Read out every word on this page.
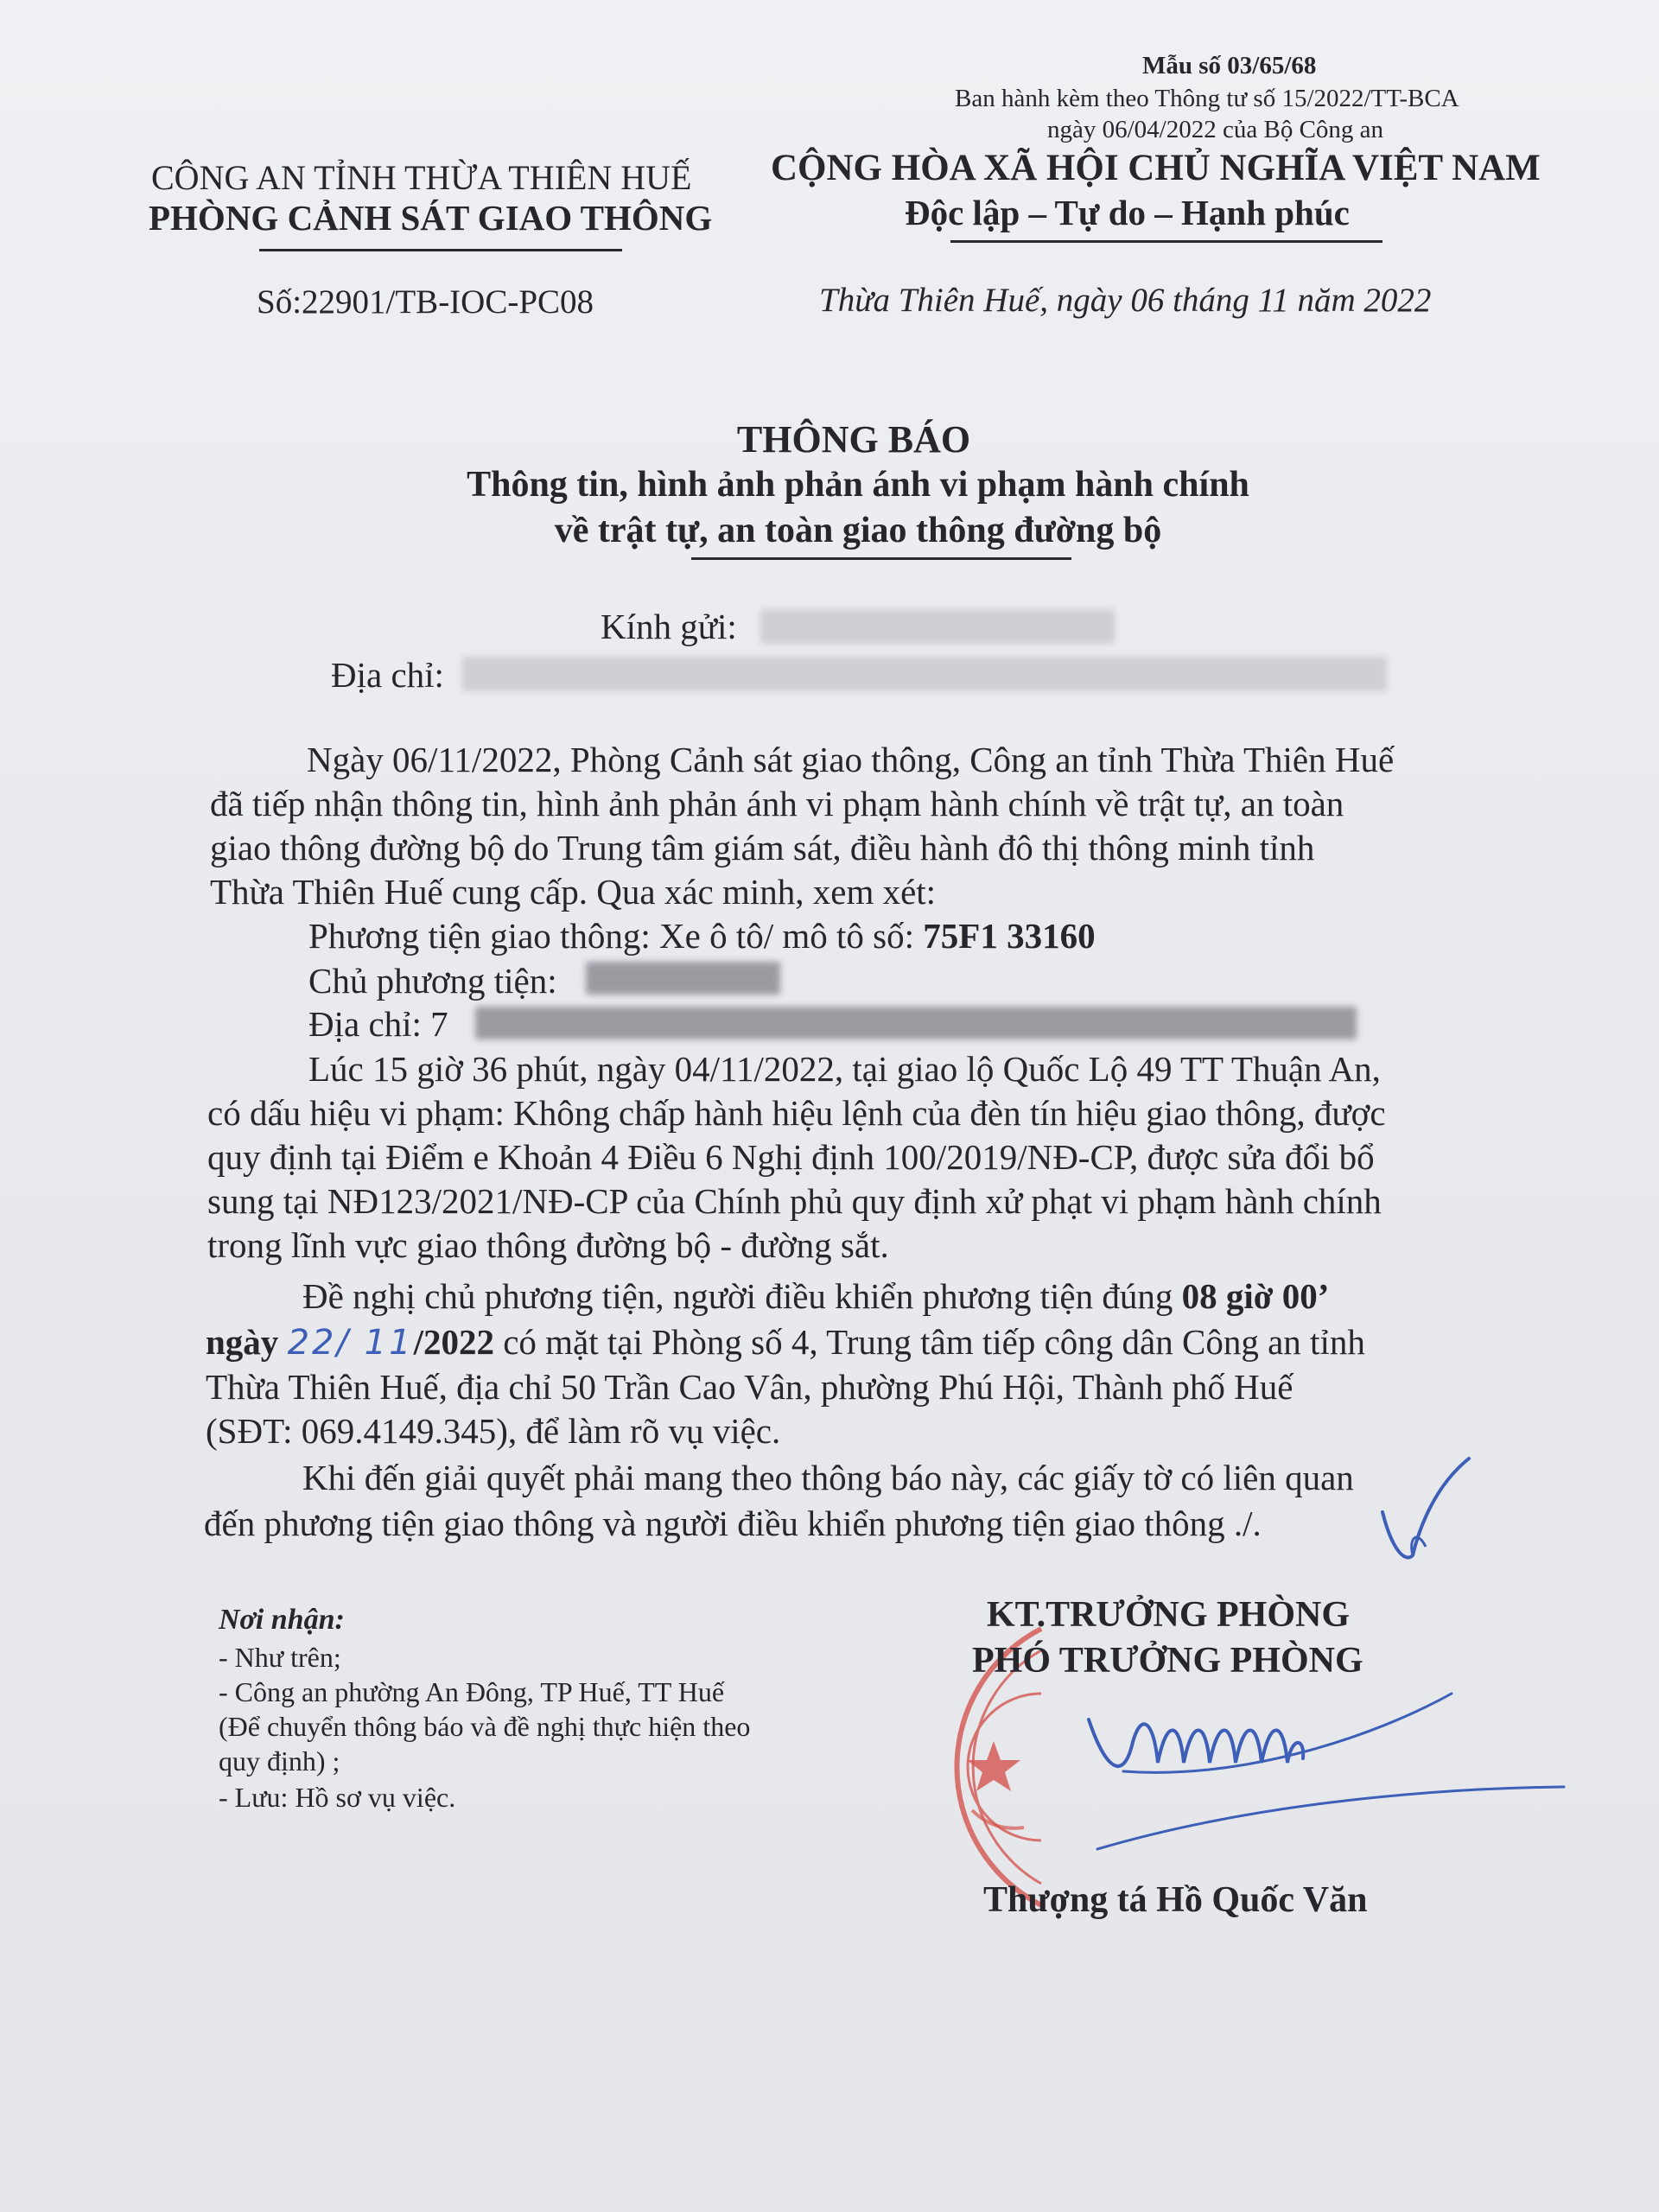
Mẫu số 03/65/68
Ban hành kèm theo Thông tư số 15/2022/TT-BCA
ngày 06/04/2022 của Bộ Công an
CÔNG AN TỈNH THỪA THIÊN HUẾ
PHÒNG CẢNH SÁT GIAO THÔNG
CỘNG HÒA XÃ HỘI CHỦ NGHĨA VIỆT NAM
Độc lập – Tự do – Hạnh phúc
Số:22901/TB-IOC-PC08	Thừa Thiên Huế, ngày 06 tháng 11 năm 2022
THÔNG BÁO
Thông tin, hình ảnh phản ánh vi phạm hành chính
về trật tự, an toàn giao thông đường bộ
Kính gửi:
Địa chỉ:
Ngày 06/11/2022, Phòng Cảnh sát giao thông, Công an tỉnh Thừa Thiên Huế
đã tiếp nhận thông tin, hình ảnh phản ánh vi phạm hành chính về trật tự, an toàn
giao thông đường bộ do Trung tâm giám sát, điều hành đô thị thông minh tỉnh
Thừa Thiên Huế cung cấp. Qua xác minh, xem xét:
Phương tiện giao thông: Xe ô tô/ mô tô số: 75F1 33160
Chủ phương tiện:
Địa chỉ: 7
Lúc 15 giờ 36 phút, ngày 04/11/2022, tại giao lộ Quốc Lộ 49 TT Thuận An,
có dấu hiệu vi phạm: Không chấp hành hiệu lệnh của đèn tín hiệu giao thông, được
quy định tại Điểm e Khoản 4 Điều 6 Nghị định 100/2019/NĐ-CP, được sửa đổi bổ
sung tại NĐ123/2021/NĐ-CP của Chính phủ quy định xử phạt vi phạm hành chính
trong lĩnh vực giao thông đường bộ - đường sắt.
Đề nghị chủ phương tiện, người điều khiển phương tiện đúng 08 giờ 00’
ngày 22/ 11/2022 có mặt tại Phòng số 4, Trung tâm tiếp công dân Công an tỉnh
Thừa Thiên Huế, địa chỉ 50 Trần Cao Vân, phường Phú Hội, Thành phố Huế
(SĐT: 069.4149.345), để làm rõ vụ việc.
Khi đến giải quyết phải mang theo thông báo này, các giấy tờ có liên quan
đến phương tiện giao thông và người điều khiển phương tiện giao thông ./.
Nơi nhận:
- Như trên;
- Công an phường An Đông, TP Huế, TT Huế
(Để chuyển thông báo và đề nghị thực hiện theo
quy định) ;
- Lưu: Hồ sơ vụ việc.
KT.TRƯỞNG PHÒNG
PHÓ TRƯỞNG PHÒNG
Thượng tá Hồ Quốc Văn
